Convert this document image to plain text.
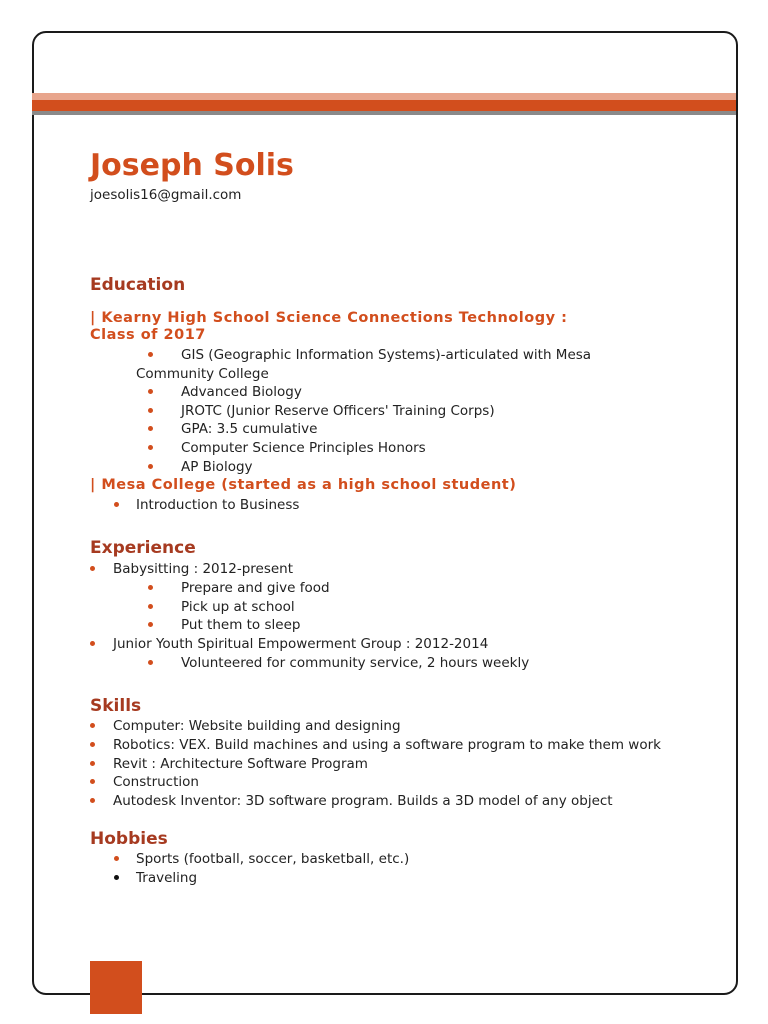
Joseph Solis

joesolis16@gmail.com

Education

| Kearny High School Science Connections Technology :

Class of 2017

GIS (Geographic Information Systems)-articulated with Mesa

Community College

Advanced Biology

JROTC (Junior Reserve Officers' Training Corps)

GPA: 3.5 cumulative

Computer Science Principles Honors

AP Biology

| Mesa College (started as a high school student)

Introduction to Business

Experience

Babysitting : 2012-present

Prepare and give food

Pick up at school

Put them to sleep

Junior Youth Spiritual Empowerment Group : 2012-2014

Volunteered for community service, 2 hours weekly

Skills

Computer: Website building and designing

Robotics: VEX. Build machines and using a software program to make them work

Revit : Architecture Software Program

Construction

Autodesk Inventor: 3D software program. Builds a 3D model of any object

Hobbies

Sports (football, soccer, basketball, etc.)

Traveling
